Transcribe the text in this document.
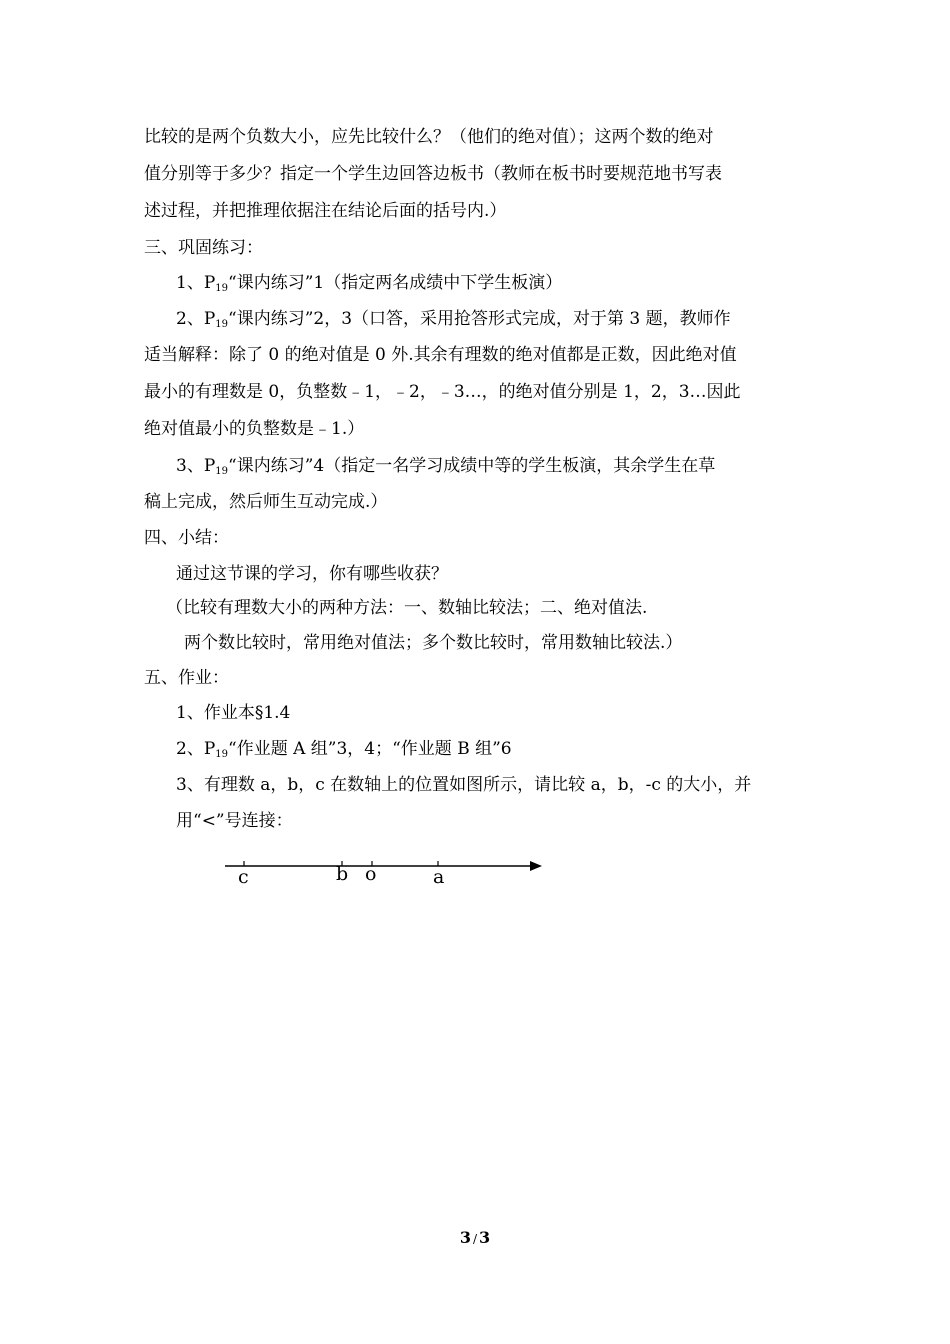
比较的是两个负数大小，应先比较什么？（他们的绝对值）；这两个数的绝对
值分别等于多少？指定一个学生边回答边板书（教师在板书时要规范地书写表
述过程，并把推理依据注在结论后面的括号内.）
三、巩固练习：
1、$P_{19}“$课内练习”1（指定两名成绩中下学生板演）
2、$P_{19}“$课内练习”2，3（口答，采用抢答形式完成，对于第 3 题，教师作
适当解释：除了 0 的绝对值是 0 外.其余有理数的绝对值都是正数，因此绝对值
最小的有理数是 0，负整数﹣1，﹣2，﹣3…，的绝对值分别是 1，2，3…因此
绝对值最小的负整数是﹣1.）
3、$P_{19}“$课内练习”4（指定一名学习成绩中等的学生板演，其余学生在草
稿上完成，然后师生互动完成.）
四、小结：
通过这节课的学习，你有哪些收获？
（比较有理数大小的两种方法：一、数轴比较法；二、绝对值法.
两个数比较时，常用绝对值法；多个数比较时，常用数轴比较法.）
五、作业：
1、作业本§1.4
2、$P_{19}“$作业题 A 组”3，4；“作业题 B 组”6
3、有理数 a，b，c 在数轴上的位置如图所示，请比较 a，b，-c 的大小，并
用“<”号连接：
c	b o	a
3 / 3
